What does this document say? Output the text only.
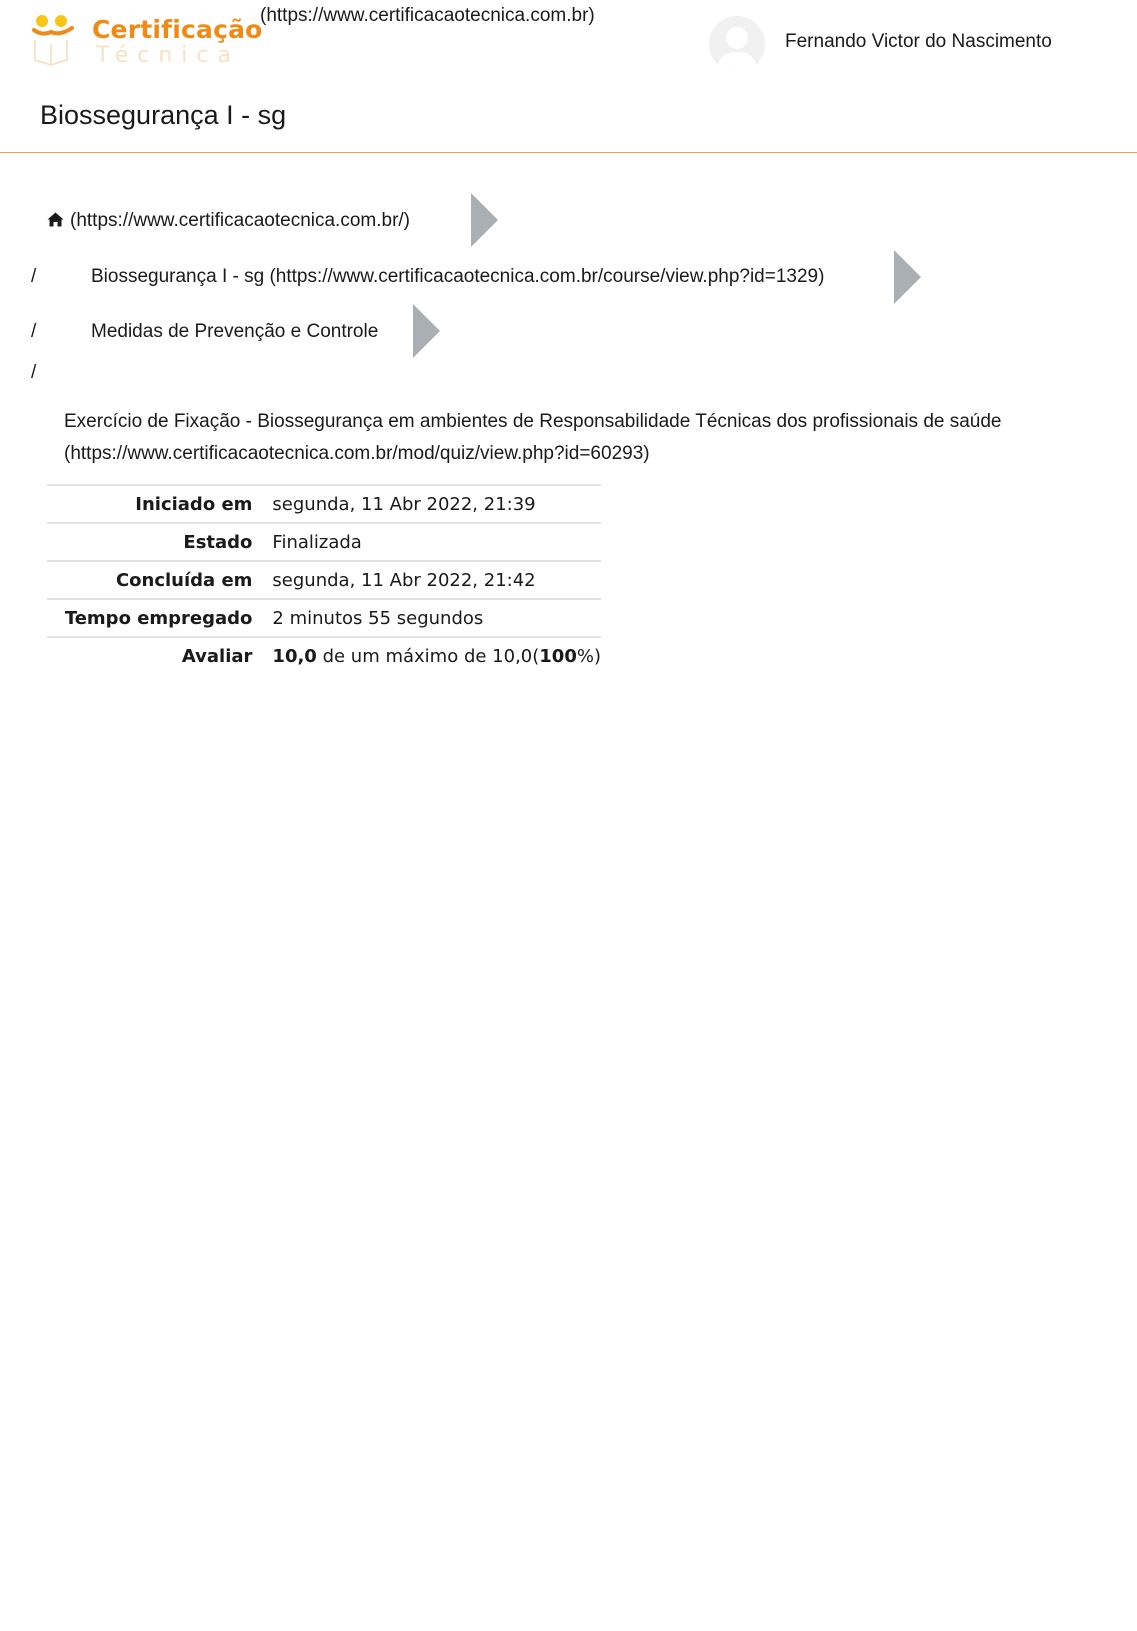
Certificação
Técnica
(https://www.certificacaotecnica.com.br)
Fernando Victor do Nascimento
Biossegurança I - sg
(https://www.certificacaotecnica.com.br/)
/	Biossegurança I - sg (https://www.certificacaotecnica.com.br/course/view.php?id=1329)
/	Medidas de Prevenção e Controle
/
Exercício de Fixação - Biossegurança em ambientes de Responsabilidade Técnicas dos profissionais de saúde (https://www.certificacaotecnica.com.br/mod/quiz/view.php?id=60293)
Iniciado em	segunda, 11 Abr 2022, 21:39
Estado	Finalizada
Concluída em	segunda, 11 Abr 2022, 21:42
Tempo empregado	2 minutos 55 segundos
Avaliar	10,0 de um máximo de 10,0(100%)
